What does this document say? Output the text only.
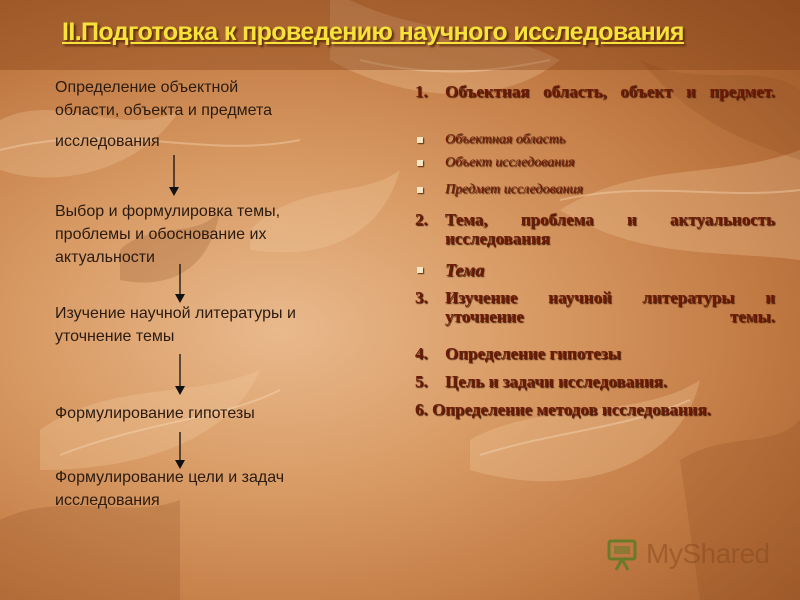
II.Подготовка к проведению научного исследования
Определение объектной
области, объекта и предмета
исследования
Выбор и формулировка темы,
проблемы и обоснование их
актуальности
Изучение научной литературы и
уточнение темы
Формулирование гипотезы
Формулирование цели и задач
исследования
1. Объектная область, объект и предмет.
Объектная область
Объект исследования
Предмет исследования
2. Тема, проблема и актуальность исследования
Тема
3. Изучение научной литературы и уточнение темы.
4. Определение гипотезы
5. Цель и задачи исследования.
6. Определение методов исследования.
MyShared
